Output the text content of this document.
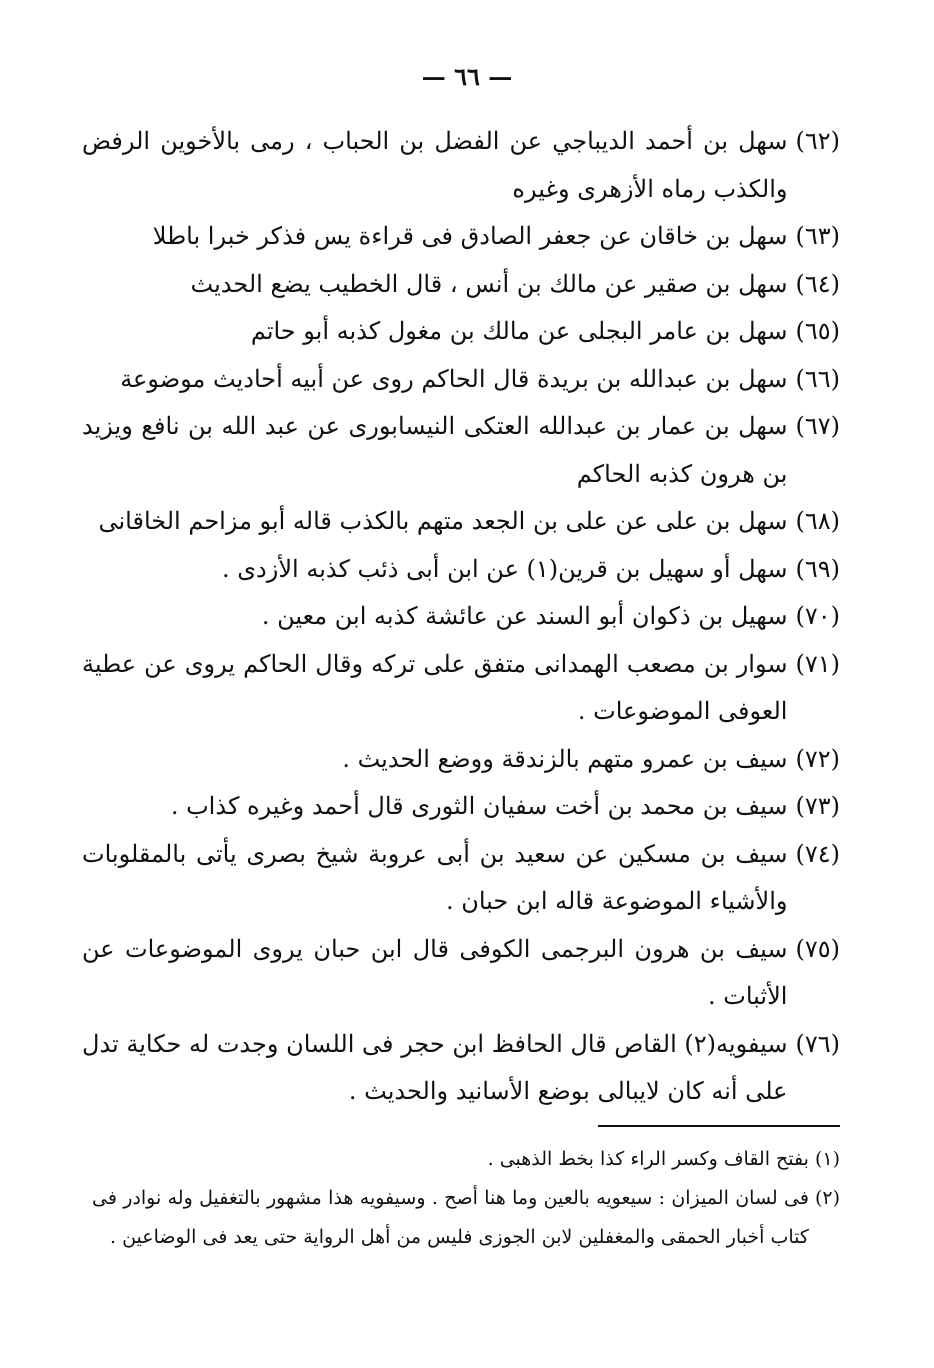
— ٦٦ —
(٦٢)
سهل بن أحمد الديباجي عن الفضل بن الحباب ، رمى بالأخوين الرفض والكذب رماه الأزهرى وغيره
(٦٣)
سهل بن خاقان عن جعفر الصادق فى قراءة يس فذكر خبرا باطلا
(٦٤)
سهل بن صقير عن مالك بن أنس ، قال الخطيب يضع الحديث
(٦٥)
سهل بن عامر البجلى عن مالك بن مغول كذبه أبو حاتم
(٦٦)
سهل بن عبدالله بن بريدة قال الحاكم روى عن أبيه أحاديث موضوعة
(٦٧)
سهل بن عمار بن عبدالله العتكى النيسابورى عن عبد الله بن نافع ويزيد بن هرون كذبه الحاكم
(٦٨)
سهل بن على عن على بن الجعد متهم بالكذب قاله أبو مزاحم الخاقانى
(٦٩)
سهل أو سهيل بن قرين(١) عن ابن أبى ذئب كذبه الأزدى .
(٧٠)
سهيل بن ذكوان أبو السند عن عائشة كذبه ابن معين .
(٧١)
سوار بن مصعب الهمدانى متفق على تركه وقال الحاكم يروى عن عطية العوفى الموضوعات .
(٧٢)
سيف بن عمرو متهم بالزندقة ووضع الحديث .
(٧٣)
سيف بن محمد بن أخت سفيان الثورى قال أحمد وغيره كذاب .
(٧٤)
سيف بن مسكين عن سعيد بن أبى عروبة شيخ بصرى يأتى بالمقلوبات والأشياء الموضوعة قاله ابن حبان .
(٧٥)
سيف بن هرون البرجمى الكوفى قال ابن حبان يروى الموضوعات عن الأثبات .
(٧٦)
سيفويه(٢) القاص قال الحافظ ابن حجر فى اللسان وجدت له حكاية تدل على أنه كان لايبالى بوضع الأسانيد والحديث .
(١)
بفتح القاف وكسر الراء كذا بخط الذهبى .
(٢)
فى لسان الميزان : سيعويه بالعين وما هنا أصح . وسيفويه هذا مشهور بالتغفيل وله نوادر فى كتاب أخبار الحمقى والمغفلين لابن الجوزى فليس من أهل الرواية حتى يعد فى الوضاعين .
